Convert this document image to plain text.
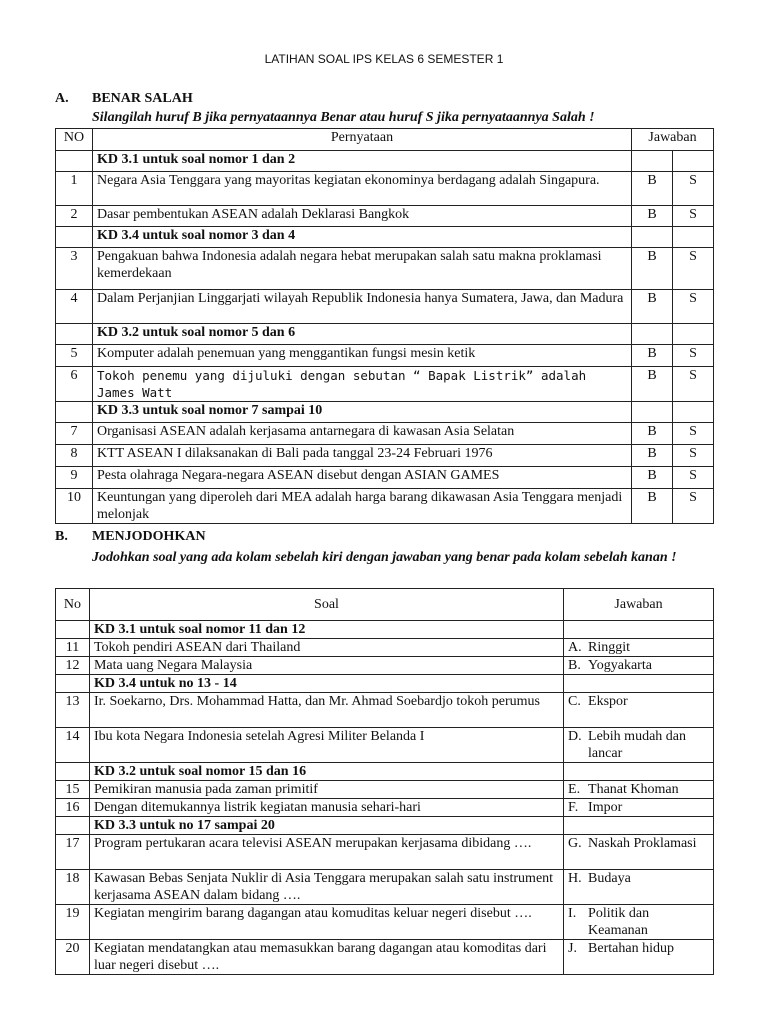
LATIHAN SOAL IPS KELAS 6 SEMESTER 1
A. BENAR SALAH
Silangilah huruf B jika pernyataannya Benar atau huruf S jika pernyataannya Salah !
NO	Pernyataan	Jawaban	
	KD 3.1 untuk soal nomor 1 dan 2		
1	Negara Asia Tenggara yang mayoritas kegiatan ekonominya berdagang adalah Singapura.	B	S
2	Dasar pembentukan ASEAN adalah Deklarasi Bangkok	B	S
	KD 3.4 untuk soal nomor 3 dan 4		
3	Pengakuan bahwa Indonesia adalah negara hebat merupakan salah satu makna proklamasi kemerdekaan	B	S
4	Dalam Perjanjian Linggarjati wilayah Republik Indonesia hanya Sumatera, Jawa, dan Madura	B	S
	KD 3.2 untuk soal nomor 5 dan 6		
5	Komputer adalah penemuan yang menggantikan fungsi mesin ketik	B	S
6	Tokoh penemu yang dijuluki dengan sebutan “ Bapak Listrik” adalah James Watt	B	S
	KD 3.3 untuk soal nomor 7 sampai 10		
7	Organisasi ASEAN adalah kerjasama antarnegara di kawasan Asia Selatan	B	S
8	KTT ASEAN I dilaksanakan di Bali pada tanggal 23-24 Februari 1976	B	S
9	Pesta olahraga Negara-negara ASEAN disebut dengan ASIAN GAMES	B	S
10	Keuntungan yang diperoleh dari MEA adalah harga barang dikawasan Asia Tenggara menjadi melonjak	B	S
B. MENJODOHKAN
Jodohkan soal yang ada kolam sebelah kiri dengan jawaban yang benar pada kolam sebelah kanan !
No	Soal	Jawaban
	KD 3.1 untuk soal nomor 11 dan 12	
11	Tokoh pendiri ASEAN dari Thailand	A. Ringgit
12	Mata uang Negara Malaysia	B. Yogyakarta
	KD 3.4 untuk no 13 - 14	
13	Ir. Soekarno, Drs. Mohammad Hatta, dan Mr. Ahmad Soebardjo tokoh perumus	C. Ekspor
14	Ibu kota Negara Indonesia setelah Agresi Militer Belanda I	D. Lebih mudah dan lancar
	KD 3.2 untuk soal nomor 15 dan 16	
15	Pemikiran manusia pada zaman primitif	E. Thanat Khoman
16	Dengan ditemukannya listrik kegiatan manusia sehari-hari	F. Impor
	KD 3.3 untuk no 17 sampai 20	
17	Program pertukaran acara televisi ASEAN merupakan kerjasama dibidang ….	G. Naskah Proklamasi
18	Kawasan Bebas Senjata Nuklir di Asia Tenggara merupakan salah satu instrument kerjasama ASEAN dalam bidang ….	H. Budaya
19	Kegiatan mengirim barang dagangan atau komuditas keluar negeri disebut ….	I. Politik dan Keamanan
20	Kegiatan mendatangkan atau memasukkan barang dagangan atau komoditas dari luar negeri disebut ….	J. Bertahan hidup
